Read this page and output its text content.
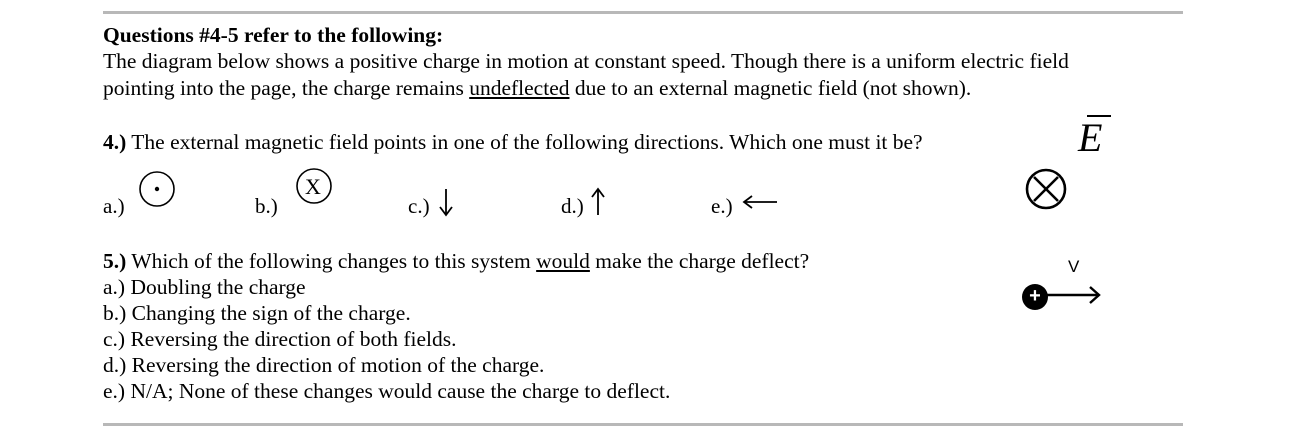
Questions #4-5 refer to the following:
The diagram below shows a positive charge in motion at constant speed. Though there is a uniform electric field
pointing into the page, the charge remains undeflected due to an external magnetic field (not shown).
4.) The external magnetic field points in one of the following directions. Which one must it be?
a.)	b.)
X
c.)	d.)	e.)
5.) Which of the following changes to this system would make the charge deflect?
a.) Doubling the charge
b.) Changing the sign of the charge.
c.) Reversing the direction of both fields.
d.) Reversing the direction of motion of the charge.
e.) N/A; None of these changes would cause the charge to deflect.
E
V
+
